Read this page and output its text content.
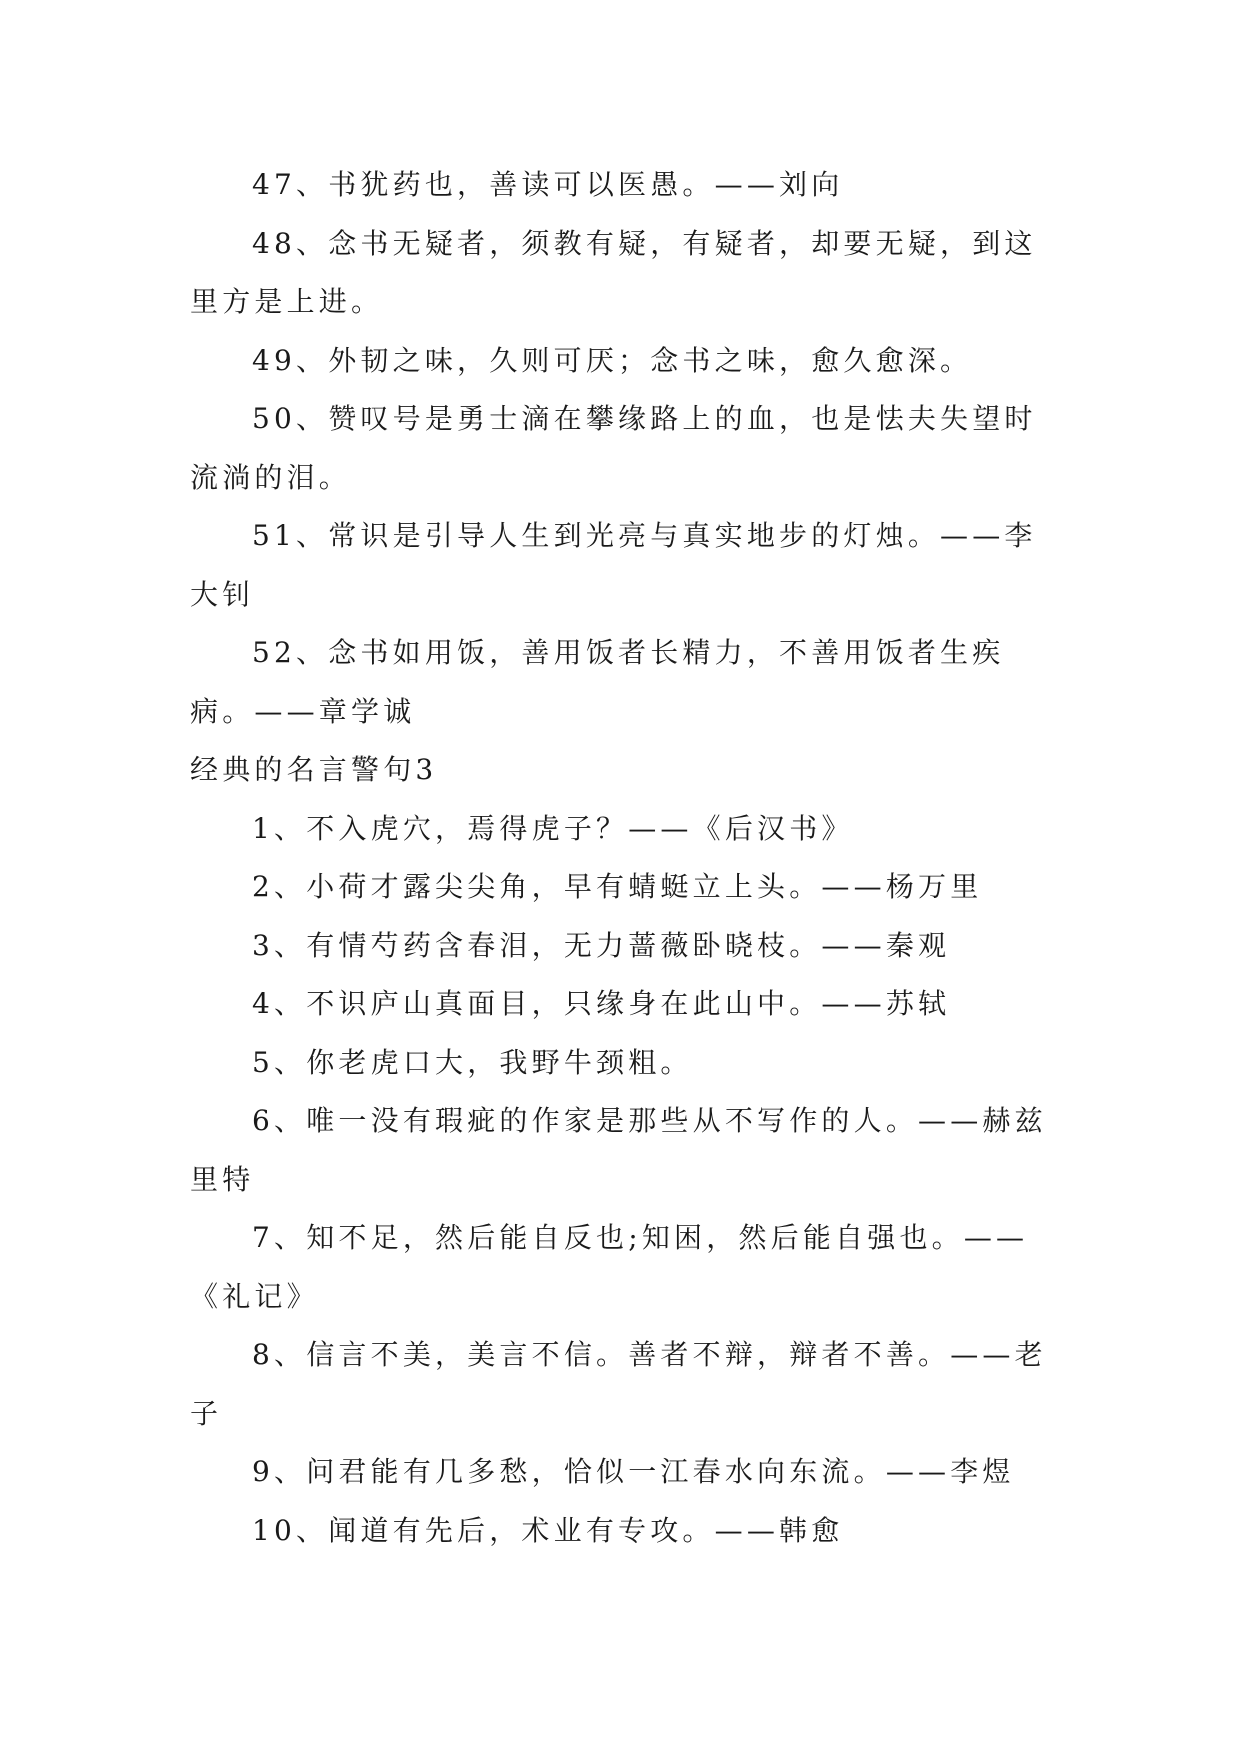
47、书犹药也，善读可以医愚。——刘向

48、念书无疑者，须教有疑，有疑者，却要无疑，到这里方是上进。

49、外韧之味，久则可厌；念书之味，愈久愈深。

50、赞叹号是勇士滴在攀缘路上的血，也是怯夫失望时流淌的泪。

51、常识是引导人生到光亮与真实地步的灯烛。——李大钊

52、念书如用饭，善用饭者长精力，不善用饭者生疾病。——章学诚

经典的名言警句3

1、不入虎穴，焉得虎子？——《后汉书》

2、小荷才露尖尖角，早有蜻蜓立上头。——杨万里

3、有情芍药含春泪，无力蔷薇卧晓枝。——秦观

4、不识庐山真面目，只缘身在此山中。——苏轼

5、你老虎口大，我野牛颈粗。

6、唯一没有瑕疵的作家是那些从不写作的人。——赫兹里特

7、知不足，然后能自反也;知困，然后能自强也。——《礼记》

8、信言不美，美言不信。善者不辩，辩者不善。——老子

9、问君能有几多愁，恰似一江春水向东流。——李煜

10、闻道有先后，术业有专攻。——韩愈
